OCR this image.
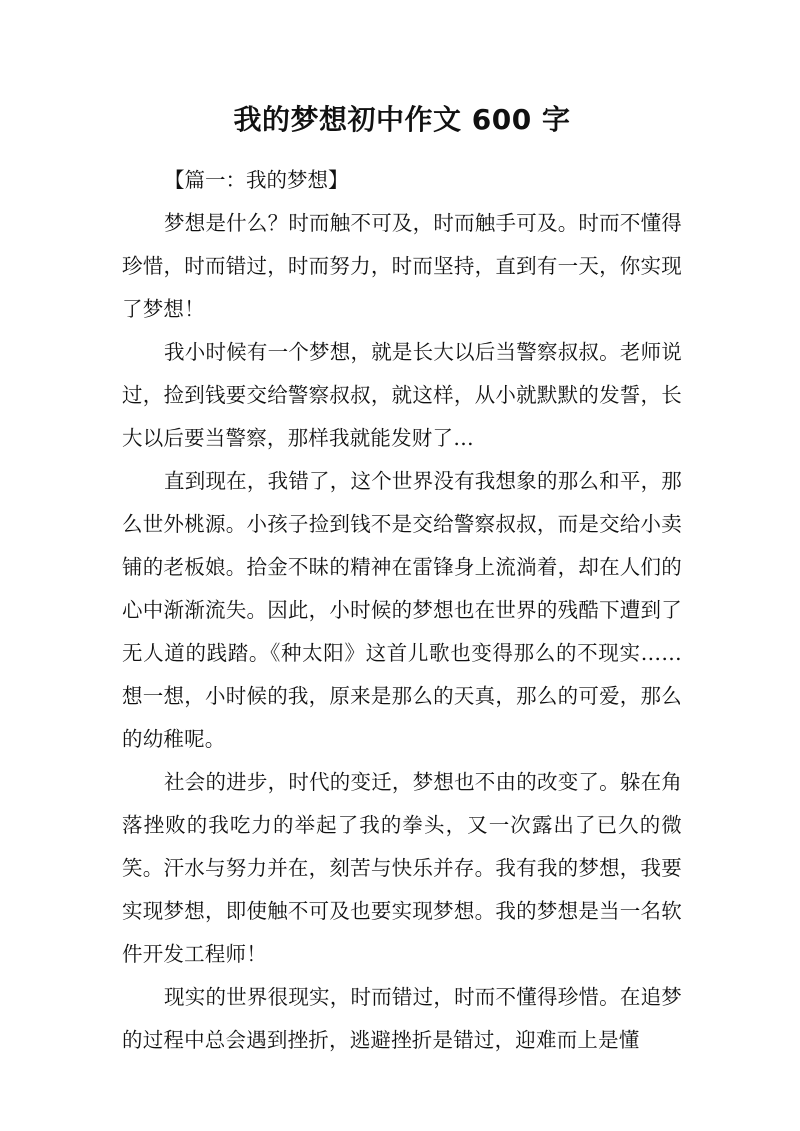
我的梦想初中作文 600 字

【篇一：我的梦想】

梦想是什么？时而触不可及，时而触手可及。时而不懂得珍惜，时而错过，时而努力，时而坚持，直到有一天，你实现了梦想！

我小时候有一个梦想，就是长大以后当警察叔叔。老师说过，捡到钱要交给警察叔叔，就这样，从小就默默的发誓，长大以后要当警察，那样我就能发财了…

直到现在，我错了，这个世界没有我想象的那么和平，那么世外桃源。小孩子捡到钱不是交给警察叔叔，而是交给小卖铺的老板娘。拾金不昧的精神在雷锋身上流淌着，却在人们的心中渐渐流失。因此，小时候的梦想也在世界的残酷下遭到了无人道的践踏。《种太阳》这首儿歌也变得那么的不现实……想一想，小时候的我，原来是那么的天真，那么的可爱，那么的幼稚呢。

社会的进步，时代的变迁，梦想也不由的改变了。躲在角落挫败的我吃力的举起了我的拳头，又一次露出了已久的微笑。汗水与努力并在，刻苦与快乐并存。我有我的梦想，我要实现梦想，即使触不可及也要实现梦想。我的梦想是当一名软件开发工程师！

现实的世界很现实，时而错过，时而不懂得珍惜。在追梦的过程中总会遇到挫折，逃避挫折是错过，迎难而上是懂
